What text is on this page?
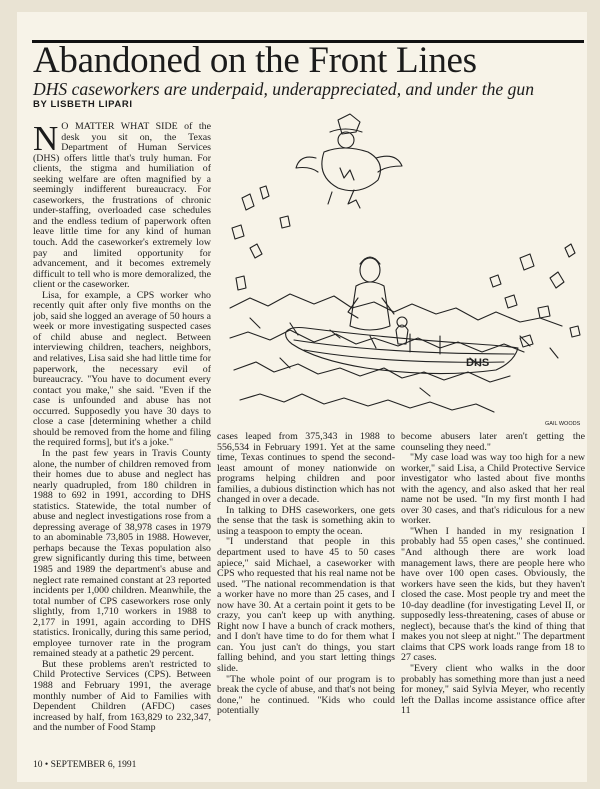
Abandoned on the Front Lines
DHS caseworkers are underpaid, underappreciated, and under the gun
BY LISBETH LIPARI

N O MATTER WHAT SIDE of the desk you sit on, the Texas Department of Human Services (DHS) offers little that's truly human. For clients, the stigma and humiliation of seeking welfare are often magnified by a seemingly indifferent bureaucracy. For caseworkers, the frustrations of chronic under-staffing, overloaded case schedules and the endless tedium of paperwork often leave little time for any kind of human touch. Add the caseworker's extremely low pay and limited opportunity for advancement, and it becomes extremely difficult to tell who is more demoralized, the client or the caseworker.

Lisa, for example, a CPS worker who recently quit after only five months on the job, said she logged an average of 50 hours a week or more investigating suspected cases of child abuse and neglect. Between interviewing children, teachers, neighbors, and relatives, Lisa said she had little time for paperwork, the necessary evil of bureaucracy. "You have to document every contact you make," she said. "Even if the case is unfounded and abuse has not occurred. Supposedly you have 30 days to close a case [determining whether a child should be removed from the home and filing the required forms], but it's a joke."

In the past few years in Travis County alone, the number of children removed from their homes due to abuse and neglect has nearly quadrupled, from 180 children in 1988 to 692 in 1991, according to DHS statistics. Statewide, the total number of abuse and neglect investigations rose from a depressing average of 38,978 cases in 1979 to an abominable 73,805 in 1988. However, perhaps because the Texas population also grew significantly during this time, between 1985 and 1989 the department's abuse and neglect rate remained constant at 23 reported incidents per 1,000 children. Meanwhile, the total number of CPS caseworkers rose only slightly, from 1,710 workers in 1988 to 2,177 in 1991, again according to DHS statistics. Ironically, during this same period, employee turnover rate in the program remained steady at a pathetic 29 percent.

But these problems aren't restricted to Child Protective Services (CPS). Between 1988 and February 1991, the average monthly number of Aid to Families with Dependent Children (AFDC) cases increased by half, from 163,829 to 232,347, and the number of Food Stamp

DHS
GAIL WOODS

cases leaped from 375,343 in 1988 to 556,534 in February 1991. Yet at the same time, Texas continues to spend the second-least amount of money nationwide on programs helping children and poor families, a dubious distinction which has not changed in over a decade.

In talking to DHS caseworkers, one gets the sense that the task is something akin to using a teaspoon to empty the ocean.

"I understand that people in this department used to have 45 to 50 cases apiece," said Michael, a caseworker with CPS who requested that his real name not be used. "The national recommendation is that a worker have no more than 25 cases, and I now have 30. At a certain point it gets to be crazy, you can't keep up with anything. Right now I have a bunch of crack mothers, and I don't have time to do for them what I can. You just can't do things, you start falling behind, and you start letting things slide.

"The whole point of our program is to break the cycle of abuse, and that's not being done," he continued. "Kids who could potentially

become abusers later aren't getting the counseling they need."

"My case load was way too high for a new worker," said Lisa, a Child Protective Service investigator who lasted about five months with the agency, and also asked that her real name not be used. "In my first month I had over 30 cases, and that's ridiculous for a new worker.

"When I handed in my resignation I probably had 55 open cases," she continued. "And although there are work load management laws, there are people here who have over 100 open cases. Obviously, the workers have seen the kids, but they haven't closed the case. Most people try and meet the 10-day deadline (for investigating Level II, or supposedly less-threatening, cases of abuse or neglect), because that's the kind of thing that makes you not sleep at night." The department claims that CPS work loads range from 18 to 27 cases.

"Every client who walks in the door probably has something more than just a need for money," said Sylvia Meyer, who recently left the Dallas income assistance office after 11

10 • SEPTEMBER 6, 1991
